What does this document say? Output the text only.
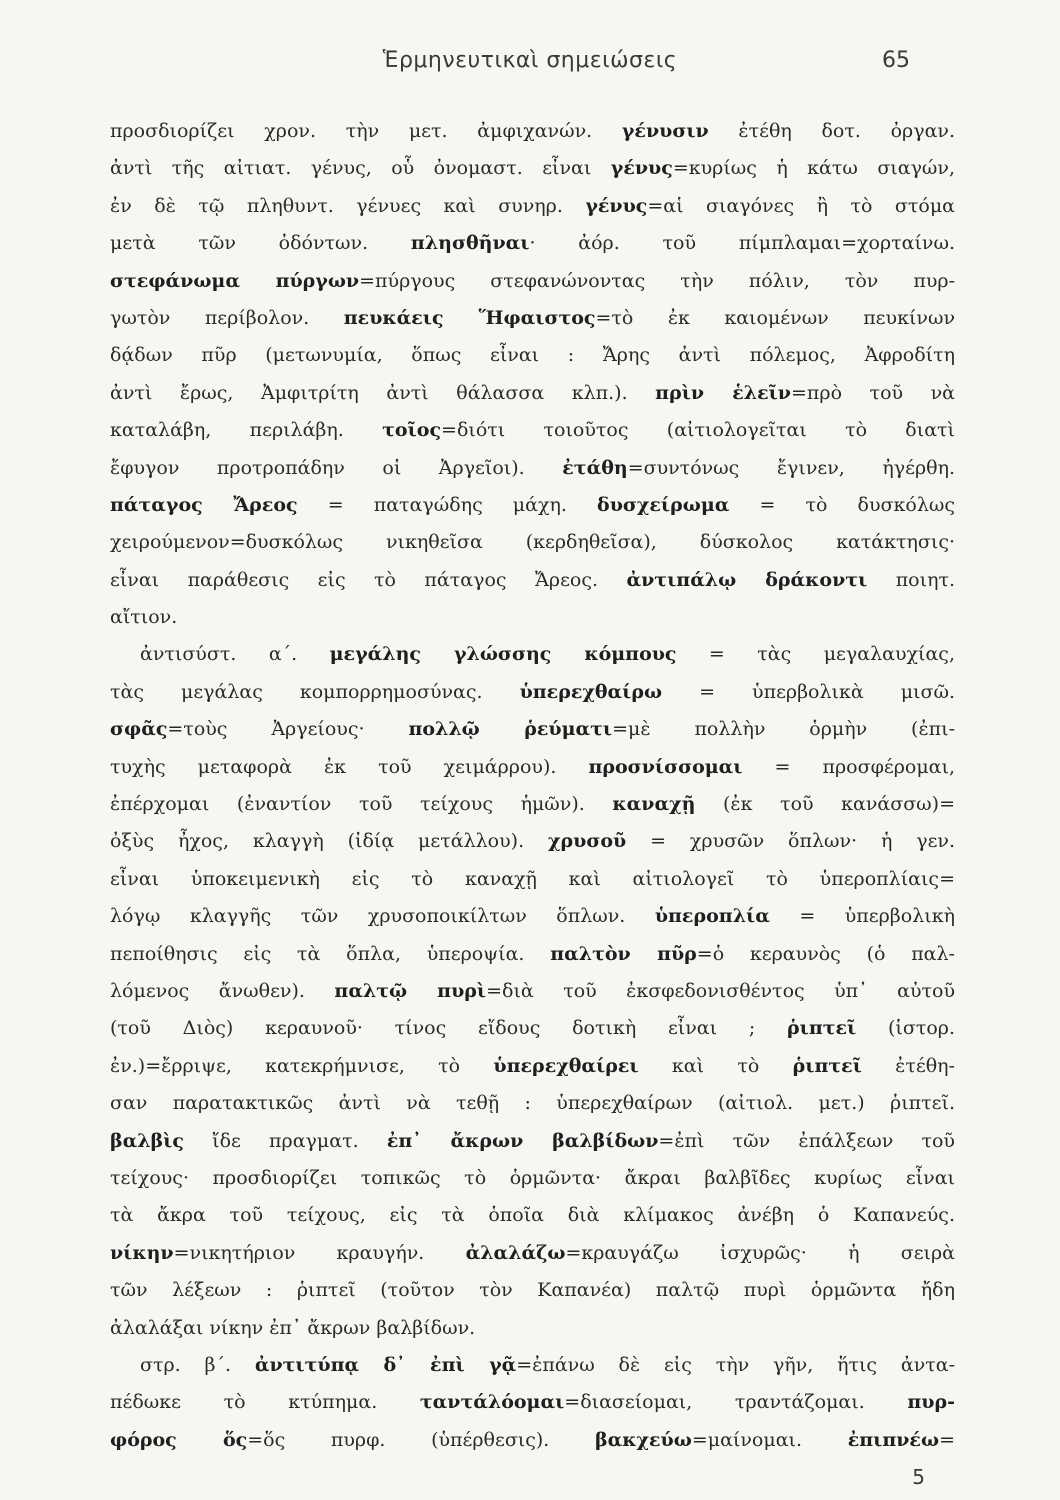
Ἑρμηνευτικαὶ σημειώσεις	65
προσδιορίζει χρον. τὴν μετ. ἀμφιχανών. γένυσιν ἐτέθη δοτ. ὀργαν.
ἀντὶ τῆς αἰτιατ. γένυς, οὗ ὀνομαστ. εἶναι γένυς=κυρίως ἡ κάτω σιαγών,
ἐν δὲ τῷ πληθυντ. γένυες καὶ συνηρ. γένυς=αἱ σιαγόνες ἢ τὸ στόμα
μετὰ τῶν ὀδόντων. πλησθῆναι· ἀόρ. τοῦ πίμπλαμαι=χορταίνω.
στεφάνωμα πύργων=πύργους στεφανώνοντας τὴν πόλιν, τὸν πυρ-
γωτὸν περίβολον. πευκάεις Ἥφαιστος=τὸ ἐκ καιομένων πευκίνων
δᾴδων πῦρ (μετωνυμία, ὅπως εἶναι : Ἄρης ἀντὶ πόλεμος, Ἀφροδίτη
ἀντὶ ἔρως, Ἀμφιτρίτη ἀντὶ θάλασσα κλπ.). πρὶν ἑλεῖν=πρὸ τοῦ νὰ
καταλάβη, περιλάβη. τοῖος=διότι τοιοῦτος (αἰτιολογεῖται τὸ διατὶ
ἔφυγον προτροπάδην οἱ Ἀργεῖοι). ἐτάθη=συντόνως ἔγινεν, ἠγέρθη.
πάταγος Ἄρεος = παταγώδης μάχη. δυσχείρωμα = τὸ δυσκόλως
χειρούμενον=δυσκόλως νικηθεῖσα (κερδηθεῖσα), δύσκολος κατάκτησις·
εἶναι παράθεσις εἰς τὸ πάταγος Ἄρεος. ἀντιπάλῳ δράκοντι ποιητ.
αἴτιον.
ἀντισύστ. α΄. μεγάλης γλώσσης κόμπους = τὰς μεγαλαυχίας,
τὰς μεγάλας κομπορρημοσύνας. ὑπερεχθαίρω = ὑπερβολικὰ μισῶ.
σφᾶς=τοὺς Ἀργείους· πολλῷ ῥεύματι=μὲ πολλὴν ὁρμὴν (ἐπι-
τυχὴς μεταφορὰ ἐκ τοῦ χειμάρρου). προσνίσσομαι = προσφέρομαι,
ἐπέρχομαι (ἐναντίον τοῦ τείχους ἡμῶν). καναχῇ (ἐκ τοῦ κανάσσω)=
ὀξὺς ἦχος, κλαγγὴ (ἰδίᾳ μετάλλου). χρυσοῦ = χρυσῶν ὅπλων· ἡ γεν.
εἶναι ὑποκειμενικὴ εἰς τὸ καναχῇ καὶ αἰτιολογεῖ τὸ ὑπεροπλίαις=
λόγῳ κλαγγῆς τῶν χρυσοποικίλτων ὅπλων. ὑπεροπλία = ὑπερβολικὴ
πεποίθησις εἰς τὰ ὅπλα, ὑπεροψία. παλτὸν πῦρ=ὁ κεραυνὸς (ὁ παλ-
λόμενος ἄνωθεν). παλτῷ πυρὶ=διὰ τοῦ ἐκσφεδονισθέντος ὑπ᾽ αὐτοῦ
(τοῦ Διὸς) κεραυνοῦ· τίνος εἴδους δοτικὴ εἶναι ; ῥιπτεῖ (ἱστορ.
ἐν.)=ἔρριψε, κατεκρήμνισε, τὸ ὑπερεχθαίρει καὶ τὸ ῥιπτεῖ ἐτέθη-
σαν παρατακτικῶς ἀντὶ νὰ τεθῇ : ὑπερεχθαίρων (αἰτιολ. μετ.) ῥιπτεῖ.
βαλβὶς ἴδε πραγματ. ἐπ᾽ ἄκρων βαλβίδων=ἐπὶ τῶν ἐπάλξεων τοῦ
τείχους· προσδιορίζει τοπικῶς τὸ ὁρμῶντα· ἄκραι βαλβῖδες κυρίως εἶναι
τὰ ἄκρα τοῦ τείχους, εἰς τὰ ὁποῖα διὰ κλίμακος ἀνέβη ὁ Καπανεύς.
νίκην=νικητήριον κραυγήν. ἀλαλάζω=κραυγάζω ἰσχυρῶς· ἡ σειρὰ
τῶν λέξεων : ῥιπτεῖ (τοῦτον τὸν Καπανέα) παλτῷ πυρὶ ὁρμῶντα ἤδη
ἀλαλάξαι νίκην ἐπ᾽ ἄκρων βαλβίδων.
στρ. β΄. ἀντιτύπᾳ δ᾽ ἐπὶ γᾷ=ἐπάνω δὲ εἰς τὴν γῆν, ἥτις ἀντα-
πέδωκε τὸ κτύπημα. ταντάλόομαι=διασείομαι, τραντάζομαι. πυρ-
φόρος ὅς=ὅς πυρφ. (ὑπέρθεσις). βακχεύω=μαίνομαι. ἐπιπνέω=
5
